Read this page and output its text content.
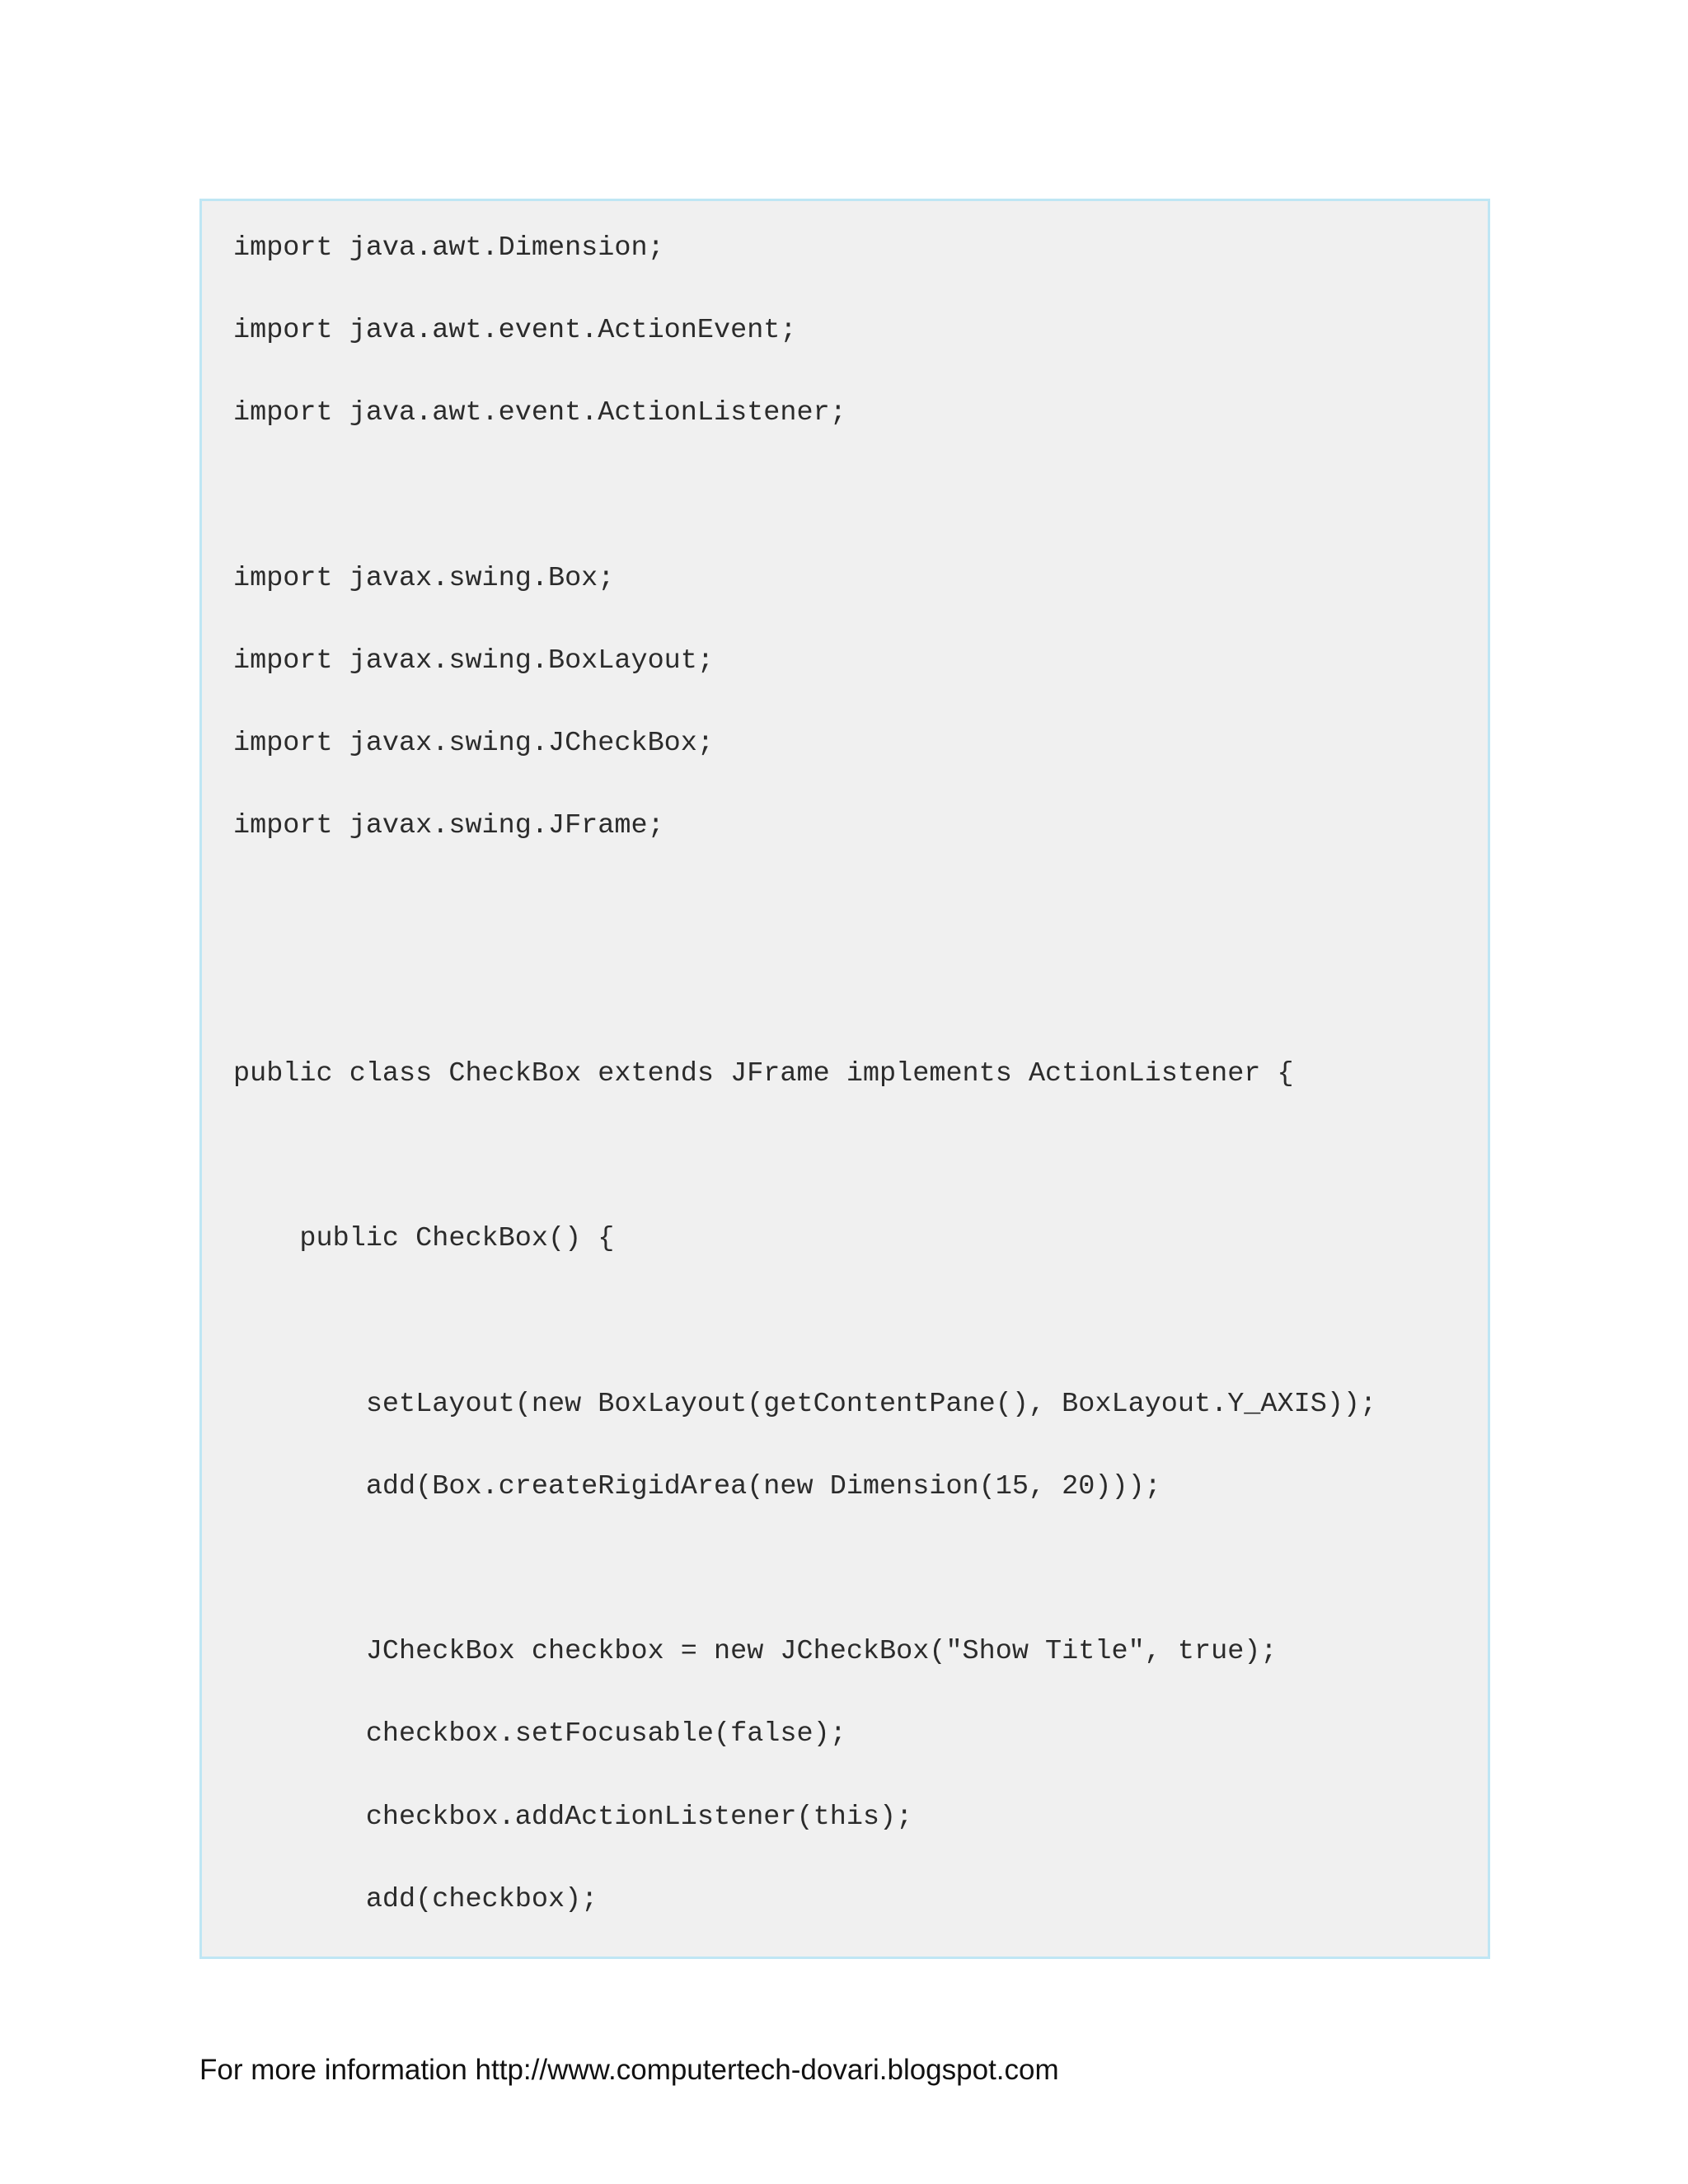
import java.awt.Dimension;
import java.awt.event.ActionEvent;
import java.awt.event.ActionListener;
import javax.swing.Box;
import javax.swing.BoxLayout;
import javax.swing.JCheckBox;
import javax.swing.JFrame;
public class CheckBox extends JFrame implements ActionListener {
public CheckBox() {
setLayout(new BoxLayout(getContentPane(), BoxLayout.Y_AXIS));
add(Box.createRigidArea(new Dimension(15, 20)));
JCheckBox checkbox = new JCheckBox("Show Title", true);
checkbox.setFocusable(false);
checkbox.addActionListener(this);
add(checkbox);
For more information http://www.computertech-dovari.blogspot.com
